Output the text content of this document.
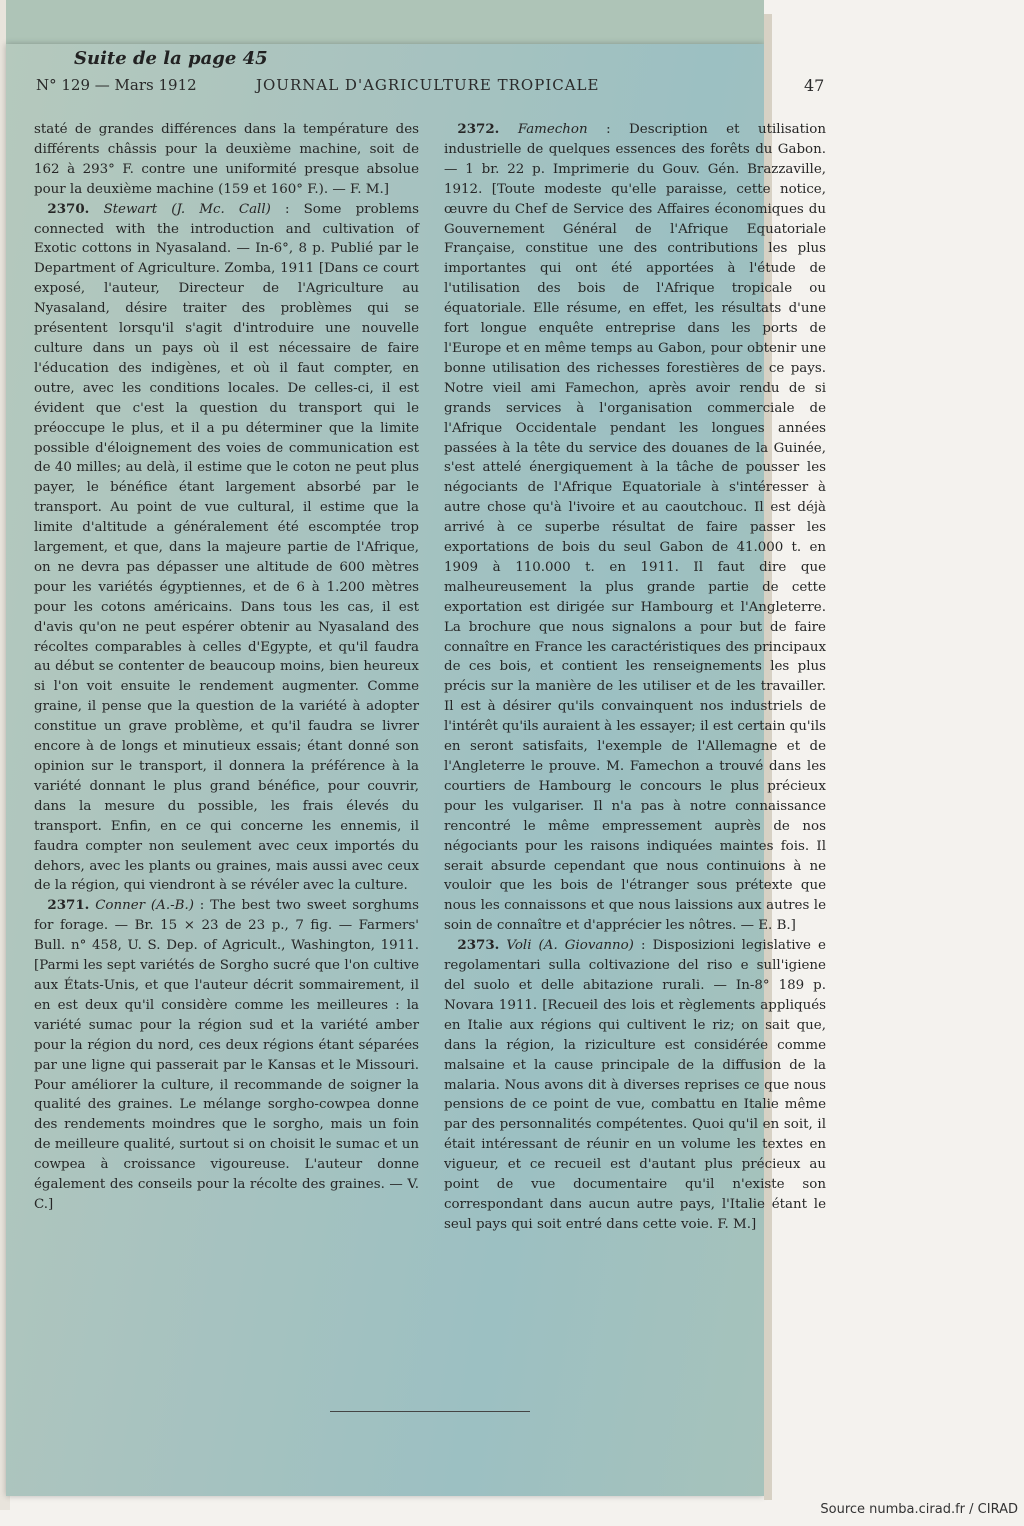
Suite de la page 45
N° 129 — Mars 1912	JOURNAL D'AGRICULTURE TROPICALE	47

staté de grandes différences dans la température des différents châssis pour la deuxième machine, soit de 162 à 293° F. contre une uniformité presque absolue pour la deuxième machine (159 et 160° F.). — F. M.]

 2370. Stewart (J. Mc. Call) : Some problems connected with the introduction and cultivation of Exotic cottons in Nyasaland. — In-6°, 8 p. Publié par le Department of Agriculture. Zomba, 1911 [Dans ce court exposé, l'auteur, Directeur de l'Agriculture au Nyasaland, désire traiter des problèmes qui se présentent lorsqu'il s'agit d'introduire une nouvelle culture dans un pays où il est nécessaire de faire l'éducation des indigènes, et où il faut compter, en outre, avec les conditions locales. De celles-ci, il est évident que c'est la question du transport qui le préoccupe le plus, et il a pu déterminer que la limite possible d'éloignement des voies de communication est de 40 milles; au delà, il estime que le coton ne peut plus payer, le bénéfice étant largement absorbé par le transport. Au point de vue cultural, il estime que la limite d'altitude a généralement été escomptée trop largement, et que, dans la majeure partie de l'Afrique, on ne devra pas dépasser une altitude de 600 mètres pour les variétés égyptiennes, et de 6 à 1.200 mètres pour les cotons américains. Dans tous les cas, il est d'avis qu'on ne peut espérer obtenir au Nyasaland des récoltes comparables à celles d'Egypte, et qu'il faudra au début se contenter de beaucoup moins, bien heureux si l'on voit ensuite le rendement augmenter. Comme graine, il pense que la question de la variété à adopter constitue un grave problème, et qu'il faudra se livrer encore à de longs et minutieux essais; étant donné son opinion sur le transport, il donnera la préférence à la variété donnant le plus grand bénéfice, pour couvrir, dans la mesure du possible, les frais élevés du transport. Enfin, en ce qui concerne les ennemis, il faudra compter non seulement avec ceux importés du dehors, avec les plants ou graines, mais aussi avec ceux de la région, qui viendront à se révéler avec la culture.

 2371. Conner (A.-B.) : The best two sweet sorghums for forage. — Br. 15 × 23 de 23 p., 7 fig. — Farmers' Bull. n° 458, U. S. Dep. of Agricult., Washington, 1911. [Parmi les sept variétés de Sorgho sucré que l'on cultive aux États-Unis, et que l'auteur décrit sommairement, il en est deux qu'il considère comme les meilleures : la variété sumac pour la région sud et la variété amber pour la région du nord, ces deux régions étant séparées par une ligne qui passerait par le Kansas et le Missouri. Pour améliorer la culture, il recommande de soigner la qualité des graines. Le mélange sorgho-cowpea donne des rendements moindres que le sorgho, mais un foin de meilleure qualité, surtout si on choisit le sumac et un cowpea à croissance vigoureuse. L'auteur donne également des conseils pour la récolte des graines. — V. C.]

 2372. Famechon : Description et utilisation industrielle de quelques essences des forêts du Gabon. — 1 br. 22 p. Imprimerie du Gouv. Gén. Brazzaville, 1912. [Toute modeste qu'elle paraisse, cette notice, œuvre du Chef de Service des Affaires économiques du Gouvernement Général de l'Afrique Equatoriale Française, constitue une des contributions les plus importantes qui ont été apportées à l'étude de l'utilisation des bois de l'Afrique tropicale ou équatoriale. Elle résume, en effet, les résultats d'une fort longue enquête entreprise dans les ports de l'Europe et en même temps au Gabon, pour obtenir une bonne utilisation des richesses forestières de ce pays. Notre vieil ami Famechon, après avoir rendu de si grands services à l'organisation commerciale de l'Afrique Occidentale pendant les longues années passées à la tête du service des douanes de la Guinée, s'est attelé énergiquement à la tâche de pousser les négociants de l'Afrique Equatoriale à s'intéresser à autre chose qu'à l'ivoire et au caoutchouc. Il est déjà arrivé à ce superbe résultat de faire passer les exportations de bois du seul Gabon de 41.000 t. en 1909 à 110.000 t. en 1911. Il faut dire que malheureusement la plus grande partie de cette exportation est dirigée sur Hambourg et l'Angleterre. La brochure que nous signalons a pour but de faire connaître en France les caractéristiques des principaux de ces bois, et contient les renseignements les plus précis sur la manière de les utiliser et de les travailler. Il est à désirer qu'ils convainquent nos industriels de l'intérêt qu'ils auraient à les essayer; il est certain qu'ils en seront satisfaits, l'exemple de l'Allemagne et de l'Angleterre le prouve. M. Famechon a trouvé dans les courtiers de Hambourg le concours le plus précieux pour les vulgariser. Il n'a pas à notre connaissance rencontré le même empressement auprès de nos négociants pour les raisons indiquées maintes fois. Il serait absurde cependant que nous continuions à ne vouloir que les bois de l'étranger sous prétexte que nous les connaissons et que nous laissions aux autres le soin de connaître et d'apprécier les nôtres. — E. B.]

 2373. Voli (A. Giovanno) : Disposizioni legislative e regolamentari sulla coltivazione del riso e sull'igiene del suolo et delle abitazione rurali. — In-8° 189 p. Novara 1911. [Recueil des lois et règlements appliqués en Italie aux régions qui cultivent le riz; on sait que, dans la région, la riziculture est considérée comme malsaine et la cause principale de la diffusion de la malaria. Nous avons dit à diverses reprises ce que nous pensions de ce point de vue, combattu en Italie même par des personnalités compétentes. Quoi qu'il en soit, il était intéressant de réunir en un volume les textes en vigueur, et ce recueil est d'autant plus précieux au point de vue documentaire qu'il n'existe son correspondant dans aucun autre pays, l'Italie étant le seul pays qui soit entré dans cette voie. F. M.]

Source numba.cirad.fr / CIRAD
